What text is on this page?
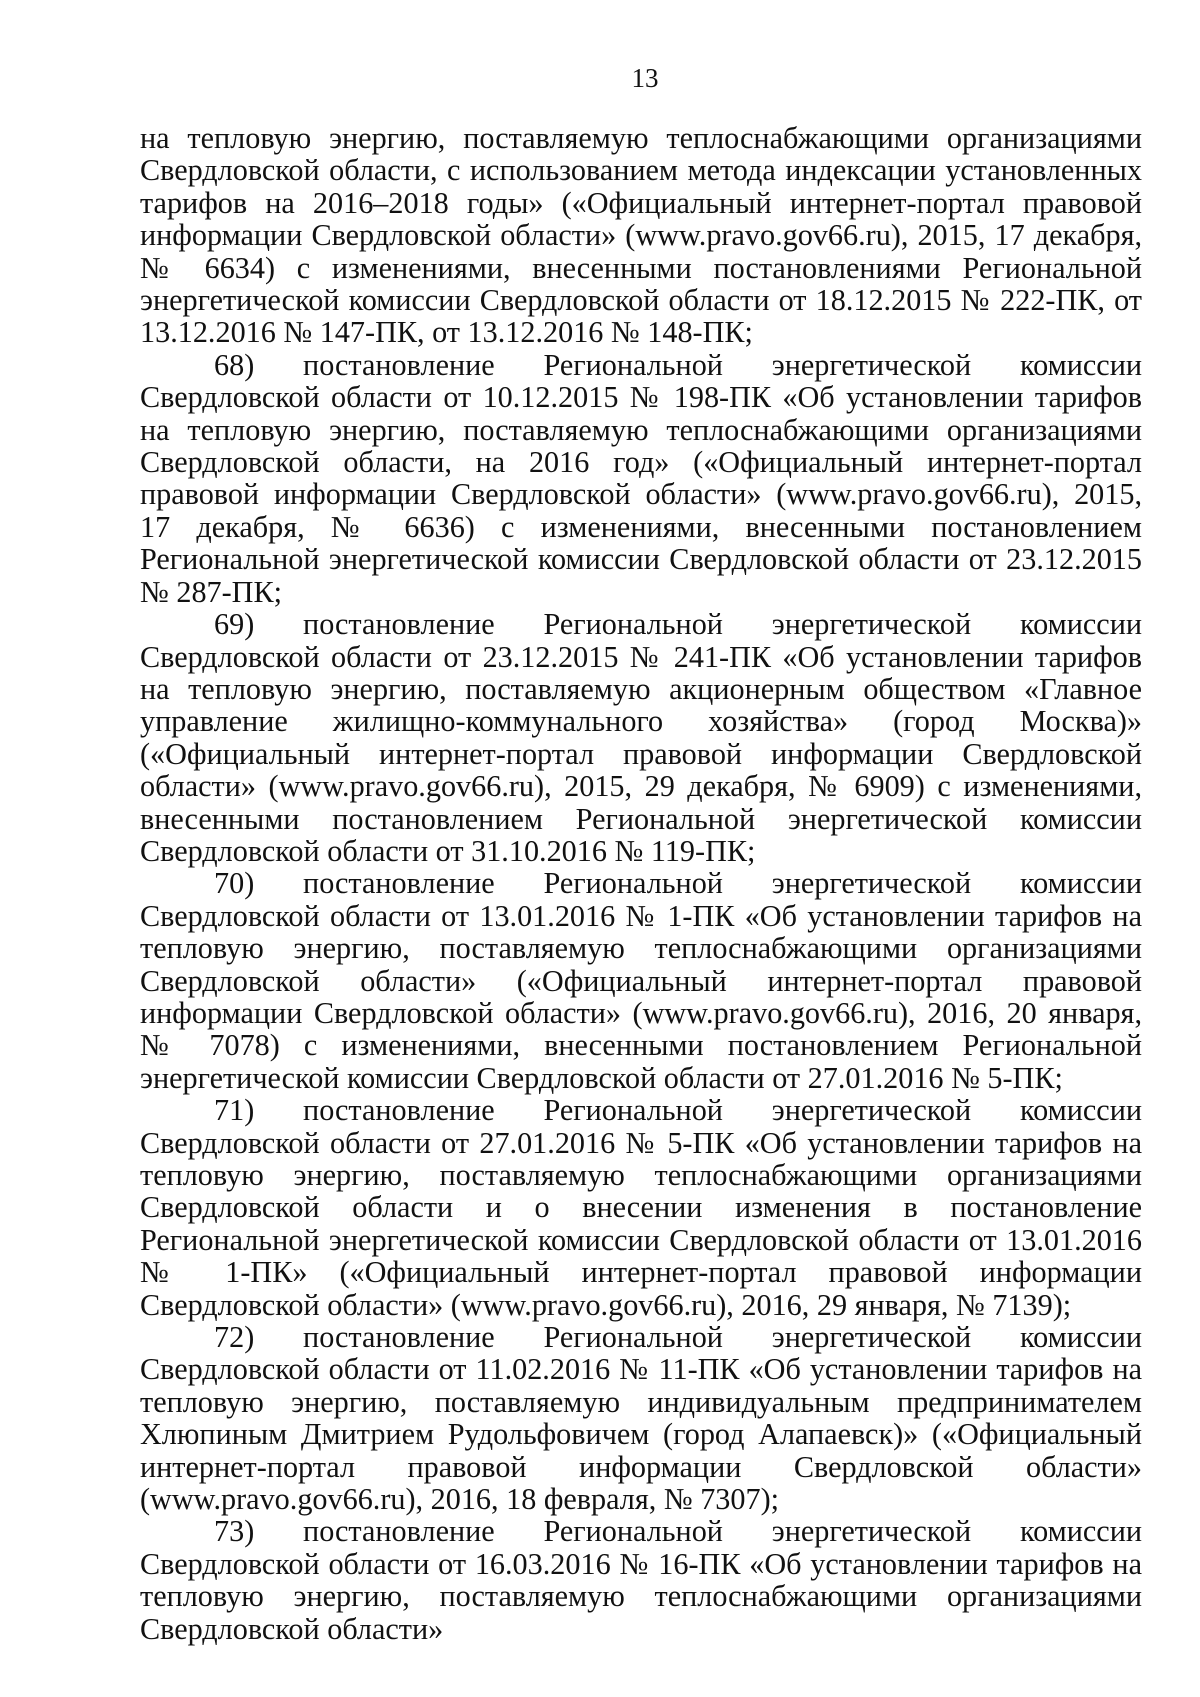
13

на тепловую энергию, поставляемую теплоснабжающими организациями Свердловской области, с использованием метода индексации установленных тарифов на 2016–2018 годы» («Официальный интернет-портал правовой информации Свердловской области» (www.pravo.gov66.ru), 2015, 17 декабря, № 6634) с изменениями, внесенными постановлениями Региональной энергетической комиссии Свердловской области от 18.12.2015 № 222-ПК, от 13.12.2016 № 147-ПК, от 13.12.2016 № 148-ПК;

68) постановление Региональной энергетической комиссии Свердловской области от 10.12.2015 № 198-ПК «Об установлении тарифов на тепловую энергию, поставляемую теплоснабжающими организациями Свердловской области, на 2016 год» («Официальный интернет-портал правовой информации Свердловской области» (www.pravo.gov66.ru), 2015, 17 декабря, № 6636) с изменениями, внесенными постановлением Региональной энергетической комиссии Свердловской области от 23.12.2015 № 287-ПК;

69) постановление Региональной энергетической комиссии Свердловской области от 23.12.2015 № 241-ПК «Об установлении тарифов на тепловую энергию, поставляемую акционерным обществом «Главное управление жилищно-коммунального хозяйства» (город Москва)» («Официальный интернет-портал правовой информации Свердловской области» (www.pravo.gov66.ru), 2015, 29 декабря, № 6909) с изменениями, внесенными постановлением Региональной энергетической комиссии Свердловской области от 31.10.2016 № 119-ПК;

70) постановление Региональной энергетической комиссии Свердловской области от 13.01.2016 № 1-ПК «Об установлении тарифов на тепловую энергию, поставляемую теплоснабжающими организациями Свердловской области» («Официальный интернет-портал правовой информации Свердловской области» (www.pravo.gov66.ru), 2016, 20 января, № 7078) с изменениями, внесенными постановлением Региональной энергетической комиссии Свердловской области от 27.01.2016 № 5-ПК;

71) постановление Региональной энергетической комиссии Свердловской области от 27.01.2016 № 5-ПК «Об установлении тарифов на тепловую энергию, поставляемую теплоснабжающими организациями Свердловской области и о внесении изменения в постановление Региональной энергетической комиссии Свердловской области от 13.01.2016 № 1-ПК» («Официальный интернет-портал правовой информации Свердловской области» (www.pravo.gov66.ru), 2016, 29 января, № 7139);

72) постановление Региональной энергетической комиссии Свердловской области от 11.02.2016 № 11-ПК «Об установлении тарифов на тепловую энергию, поставляемую индивидуальным предпринимателем Хлюпиным Дмитрием Рудольфовичем (город Алапаевск)» («Официальный интернет-портал правовой информации Свердловской области» (www.pravo.gov66.ru), 2016, 18 февраля, № 7307);

73) постановление Региональной энергетической комиссии Свердловской области от 16.03.2016 № 16-ПК «Об установлении тарифов на тепловую энергию, поставляемую теплоснабжающими организациями Свердловской области»
